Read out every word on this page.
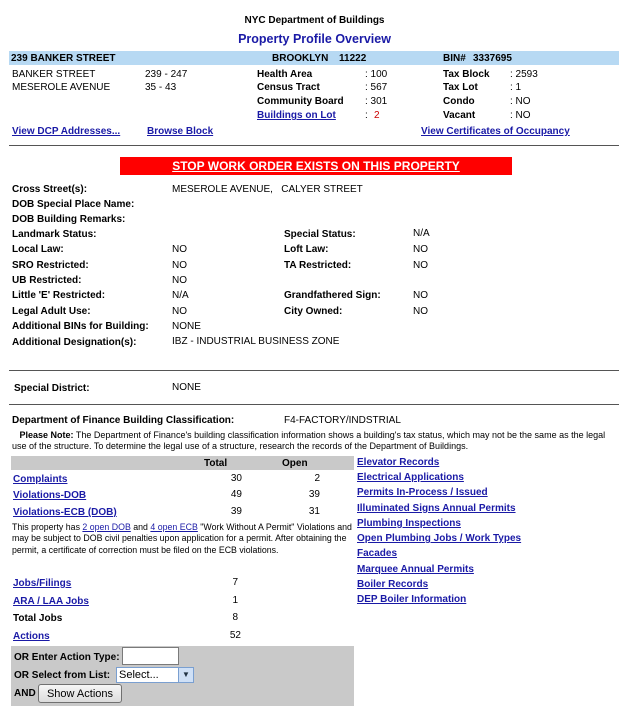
NYC Department of Buildings
Property Profile Overview
239 BANKER STREET	BROOKLYN 11222	BIN# 3337695
BANKER STREET	239 - 247
MESEROLE AVENUE	35 - 43
Health Area	: 100
Census Tract	: 567
Community Board : 301
Buildings on Lot	: 2
Tax Block : 2593
Tax Lot	: 1
Condo	: NO
Vacant	: NO
View DCP Addresses...	Browse Block	View Certificates of Occupancy
STOP WORK ORDER EXISTS ON THIS PROPERTY
Cross Street(s):	MESEROLE AVENUE,   CALYER STREET
DOB Special Place Name:
DOB Building Remarks:
Landmark Status:	Special Status:	N/A
Local Law:	NO	Loft Law:	NO
SRO Restricted:	NO	TA Restricted:	NO
UB Restricted:	NO
Little 'E' Restricted:	N/A	Grandfathered Sign:	NO
Legal Adult Use:	NO	City Owned:	NO
Additional BINs for Building: NONE
Additional Designation(s):	IBZ - INDUSTRIAL BUSINESS ZONE
Special District:	NONE
Department of Finance Building Classification:	F4-FACTORY/INDSTRIAL
Please Note: The Department of Finance's building classification information shows a building's tax status, which may not be the same as the legal use of the structure. To determine the legal use of a structure, research the records of the Department of Buildings.
Total	Open
Complaints	30	2
Violations-DOB	49	39
Violations-ECB (DOB)	39	31
This property has 2 open DOB and 4 open ECB "Work Without A Permit" Violations and may be subject to DOB civil penalties upon application for a permit. After obtaining the permit, a certificate of correction must be filed on the ECB violations.
Jobs/Filings	7
ARA / LAA Jobs	1
Total Jobs	8
Actions	52
Elevator Records
Electrical Applications
Permits In-Process / Issued
Illuminated Signs Annual Permits
Plumbing Inspections
Open Plumbing Jobs / Work Types
Facades
Marquee Annual Permits
Boiler Records
DEP Boiler Information
OR Enter Action Type:
OR Select from List: Select...	▼
AND	Show Actions
